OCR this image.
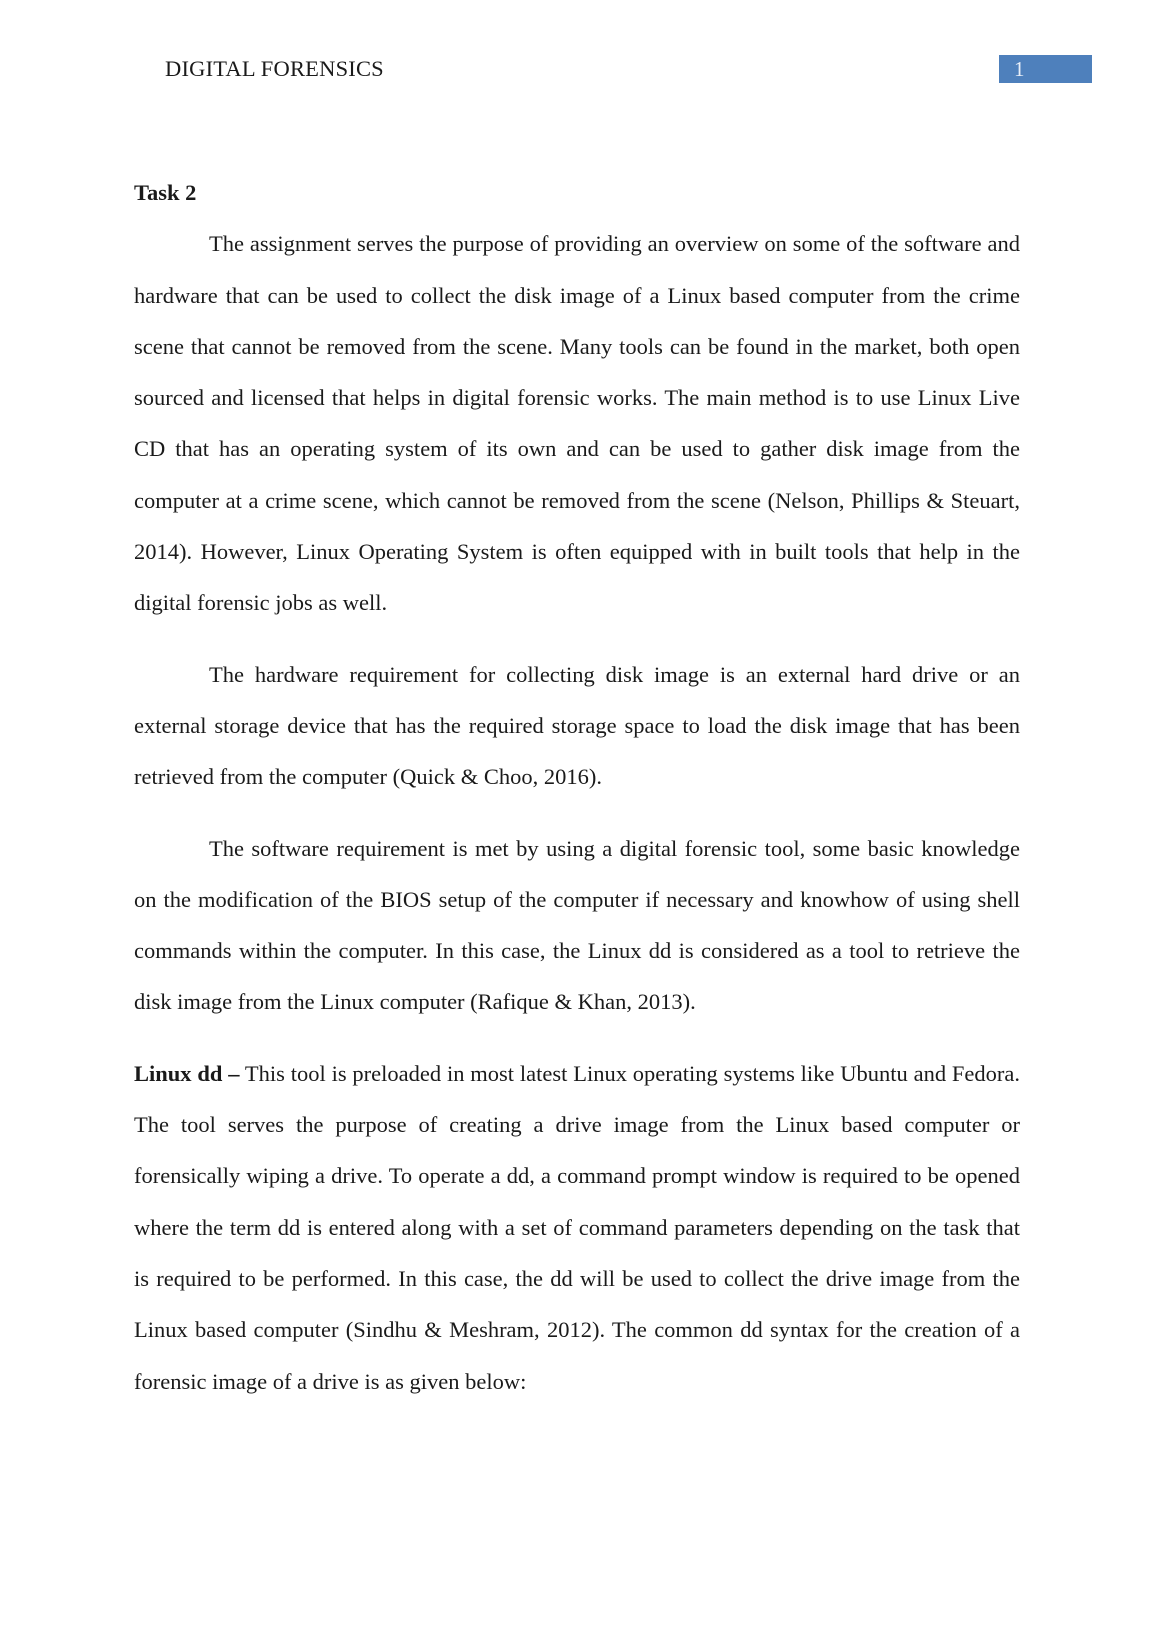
DIGITAL FORENSICS	1
Task 2

The assignment serves the purpose of providing an overview on some of the software and hardware that can be used to collect the disk image of a Linux based computer from the crime scene that cannot be removed from the scene. Many tools can be found in the market, both open sourced and licensed that helps in digital forensic works. The main method is to use Linux Live CD that has an operating system of its own and can be used to gather disk image from the computer at a crime scene, which cannot be removed from the scene (Nelson, Phillips & Steuart, 2014). However, Linux Operating System is often equipped with in built tools that help in the digital forensic jobs as well.

The hardware requirement for collecting disk image is an external hard drive or an external storage device that has the required storage space to load the disk image that has been retrieved from the computer (Quick & Choo, 2016).

The software requirement is met by using a digital forensic tool, some basic knowledge on the modification of the BIOS setup of the computer if necessary and knowhow of using shell commands within the computer. In this case, the Linux dd is considered as a tool to retrieve the disk image from the Linux computer (Rafique & Khan, 2013).

Linux dd – This tool is preloaded in most latest Linux operating systems like Ubuntu and Fedora. The tool serves the purpose of creating a drive image from the Linux based computer or forensically wiping a drive. To operate a dd, a command prompt window is required to be opened where the term dd is entered along with a set of command parameters depending on the task that is required to be performed. In this case, the dd will be used to collect the drive image from the Linux based computer (Sindhu & Meshram, 2012). The common dd syntax for the creation of a forensic image of a drive is as given below:
